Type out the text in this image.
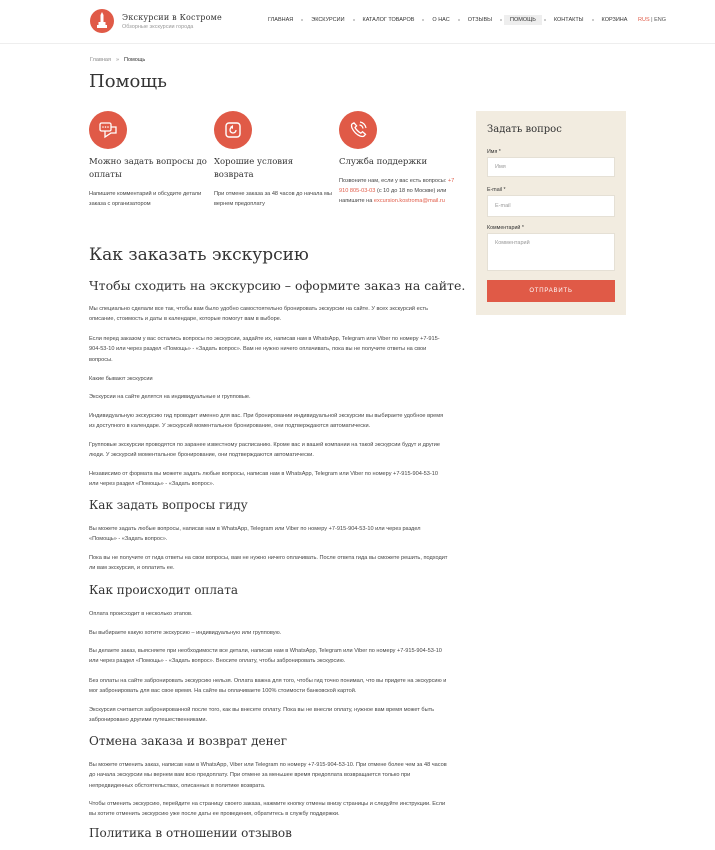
Экскурсии в Костроме
Обзорные экскурсии города
ГЛАВНАЯ	ЭКСКУРСИИ	КАТАЛОГ ТОВАРОВ	О НАС	ОТЗЫВЫ	ПОМОЩЬ	КОНТАКТЫ	КОРЗИНА	RUS | ENG
Главная » Помощь
Помощь
Можно задать вопросы до оплаты
Напишите комментарий и обсудите детали заказа с организатором
Хорошие условия возврата
При отмене заказа за 48 часов до начала мы вернем предоплату
Служба поддержки
Позвоните нам, если у вас есть вопросы: +7 910 805-03-03 (с 10 до 18 по Москве) или напишите на excursion.kostroma@mail.ru
Задать вопрос
Имя *
Имя
E-mail *
E-mail
Комментарий *
Комментарий
ОТПРАВИТЬ
Как заказать экскурсию
Чтобы сходить на экскурсию – оформите заказ на сайте.
Мы специально сделали все так, чтобы вам было удобно самостоятельно бронировать экскурсии на сайте. У всех экскурсий есть описание, стоимость и даты в календаре, которые помогут вам в выборе.
Если перед заказом у вас остались вопросы по экскурсии, задайте их, написав нам в WhatsApp, Telegram или Viber по номеру +7-915-904-53-10 или через раздел «Помощь» - «Задать вопрос». Вам не нужно ничего оплачивать, пока вы не получите ответы на свои вопросы.
Какие бывают экскурсии
Экскурсии на сайте делятся на индивидуальные и групповые.
Индивидуальную экскурсию гид проводит именно для вас. При бронировании индивидуальной экскурсии вы выбираете удобное время из доступного в календаре. У экскурсий моментальное бронирование, они подтверждаются автоматически.
Групповые экскурсии проводятся по заранее известному расписанию. Кроме вас и вашей компании на такой экскурсии будут и другие люди. У экскурсий моментальное бронирование, они подтверждаются автоматически.
Независимо от формата вы можете задать любые вопросы, написав нам в WhatsApp, Telegram или Viber по номеру +7-915-904-53-10 или через раздел «Помощь» - «Задать вопрос».
Как задать вопросы гиду
Вы можете задать любые вопросы, написав нам в WhatsApp, Telegram или Viber по номеру +7-915-904-53-10 или через раздел «Помощь» - «Задать вопрос».
Пока вы не получите от гида ответы на свои вопросы, вам не нужно ничего оплачивать. После ответа гида вы сможете решить, подходит ли вам экскурсия, и оплатить ее.
Как происходит оплата
Оплата происходит в несколько этапов.
Вы выбираете какую хотите экскурсию – индивидуальную или групповую.
Вы делаете заказ, выясняете при необходимости все детали, написав нам в WhatsApp, Telegram или Viber по номеру +7-915-904-53-10 или через раздел «Помощь» - «Задать вопрос». Вносите оплату, чтобы забронировать экскурсию.
Без оплаты на сайте забронировать экскурсию нельзя. Оплата важна для того, чтобы гид точно понимал, что вы придете на экскурсию и мог забронировать для вас свое время. На сайте вы оплачиваете 100% стоимости банковской картой.
Экскурсия считается забронированной после того, как вы внесете оплату. Пока вы не внесли оплату, нужное вам время может быть забронировано другими путешественниками.
Отмена заказа и возврат денег
Вы можете отменить заказ, написав нам в WhatsApp, Viber или Telegram по номеру +7-915-904-53-10. При отмене более чем за 48 часов до начала экскурсии мы вернем вам всю предоплату. При отмене за меньшее время предоплата возвращается только при непредвиденных обстоятельствах, описанных в политике возврата.
Чтобы отменить экскурсию, перейдите на страницу своего заказа, нажмите кнопку отмены внизу страницы и следуйте инструкции. Если вы хотите отменить экскурсию уже после даты ее проведения, обратитесь в службу поддержки.
Политика в отношении отзывов
